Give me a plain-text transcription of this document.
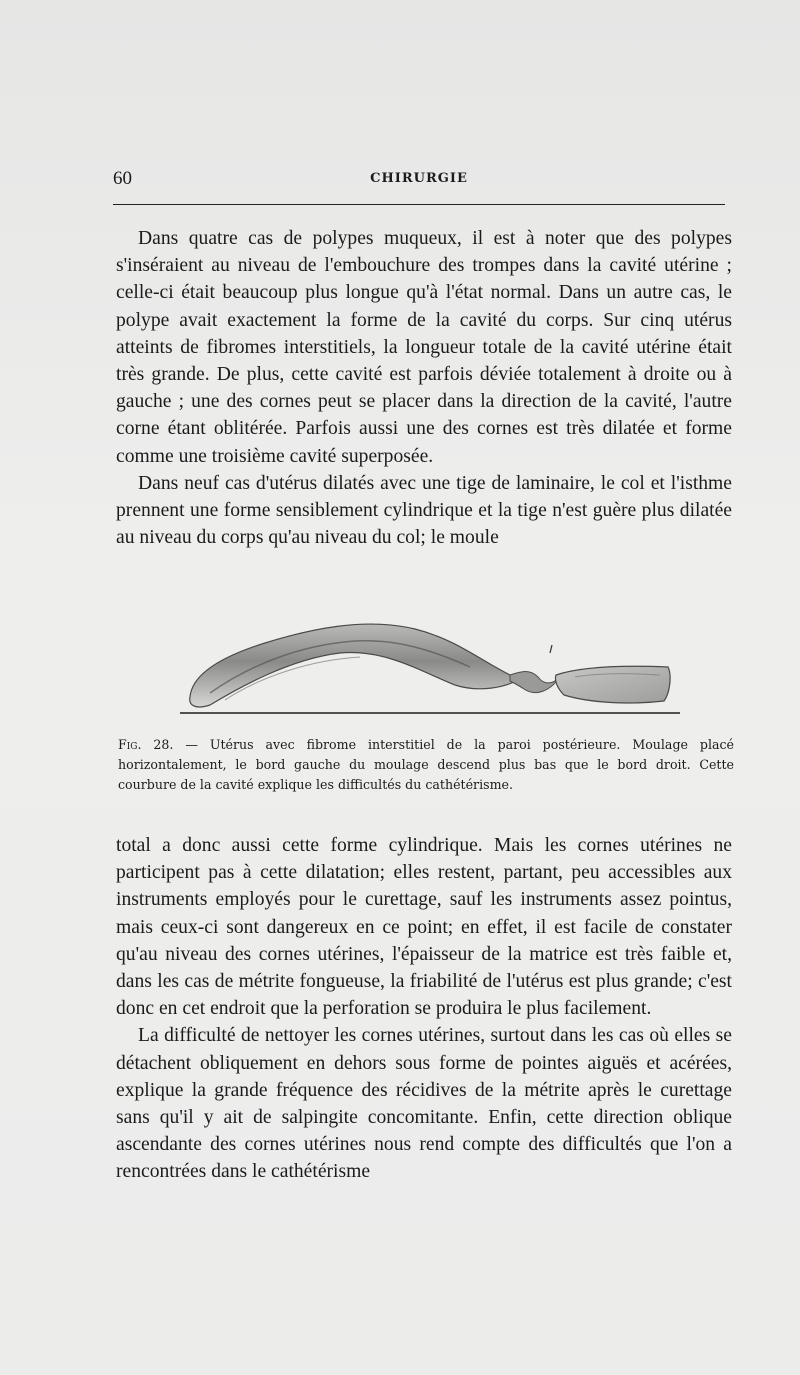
60	CHIRURGIE

Dans quatre cas de polypes muqueux, il est à noter que des polypes s'inséraient au niveau de l'embouchure des trompes dans la cavité utérine ; celle-ci était beaucoup plus longue qu'à l'état normal. Dans un autre cas, le polype avait exactement la forme de la cavité du corps. Sur cinq utérus atteints de fibromes interstitiels, la longueur totale de la cavité utérine était très grande. De plus, cette cavité est parfois déviée totalement à droite ou à gauche ; une des cornes peut se placer dans la direction de la cavité, l'autre corne étant oblitérée. Parfois aussi une des cornes est très dilatée et forme comme une troisième cavité superposée.

Dans neuf cas d'utérus dilatés avec une tige de laminaire, le col et l'isthme prennent une forme sensiblement cylindrique et la tige n'est guère plus dilatée au niveau du corps qu'au niveau du col; le moule

Fig. 28. — Utérus avec fibrome interstitiel de la paroi postérieure. Moulage placé horizontalement, le bord gauche du moulage descend plus bas que le bord droit. Cette courbure de la cavité explique les difficultés du cathétérisme.

total a donc aussi cette forme cylindrique. Mais les cornes utérines ne participent pas à cette dilatation; elles restent, partant, peu accessibles aux instruments employés pour le curettage, sauf les instruments assez pointus, mais ceux-ci sont dangereux en ce point; en effet, il est facile de constater qu'au niveau des cornes utérines, l'épaisseur de la matrice est très faible et, dans les cas de métrite fongueuse, la friabilité de l'utérus est plus grande; c'est donc en cet endroit que la perforation se produira le plus facilement.

La difficulté de nettoyer les cornes utérines, surtout dans les cas où elles se détachent obliquement en dehors sous forme de pointes aiguës et acérées, explique la grande fréquence des récidives de la métrite après le curettage sans qu'il y ait de salpingite concomitante. Enfin, cette direction oblique ascendante des cornes utérines nous rend compte des difficultés que l'on a rencontrées dans le cathétérisme
